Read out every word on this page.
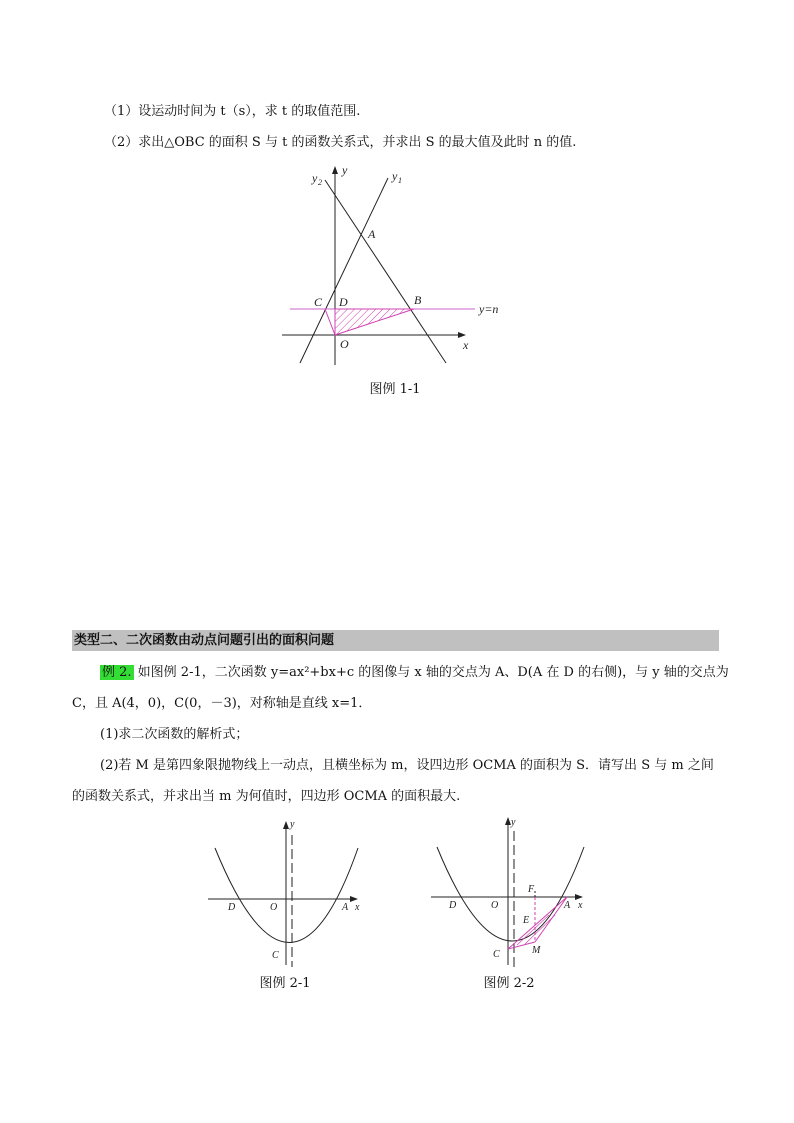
（1）设运动时间为 t（s），求 t 的取值范围.
（2）求出△OBC 的面积 S 与 t 的函数关系式，并求出 S 的最大值及此时 n 的值.
y
y 2	y 1
A
B
C D
O	x
y=n
图例 1-1
类型二、二次函数由动点问题引出的面积问题
例 2. 如图例 2-1，二次函数 y=ax²+bx+c 的图像与 x 轴的交点为 A、D(A 在 D 的右侧)，与 y 轴的交点为
C，且 A(4，0)，C(0，－3)，对称轴是直线 x=1．
(1)求二次函数的解析式；
(2)若 M 是第四象限抛物线上一动点，且横坐标为 m，设四边形 OCMA 的面积为 S．请写出 S 与 m 之间
的函数关系式，并求出当 m 为何值时，四边形 OCMA 的面积最大.
y
D	O	A x
C
图例 2-1
y
D	O
F
E
A x
C	M
图例 2-2
